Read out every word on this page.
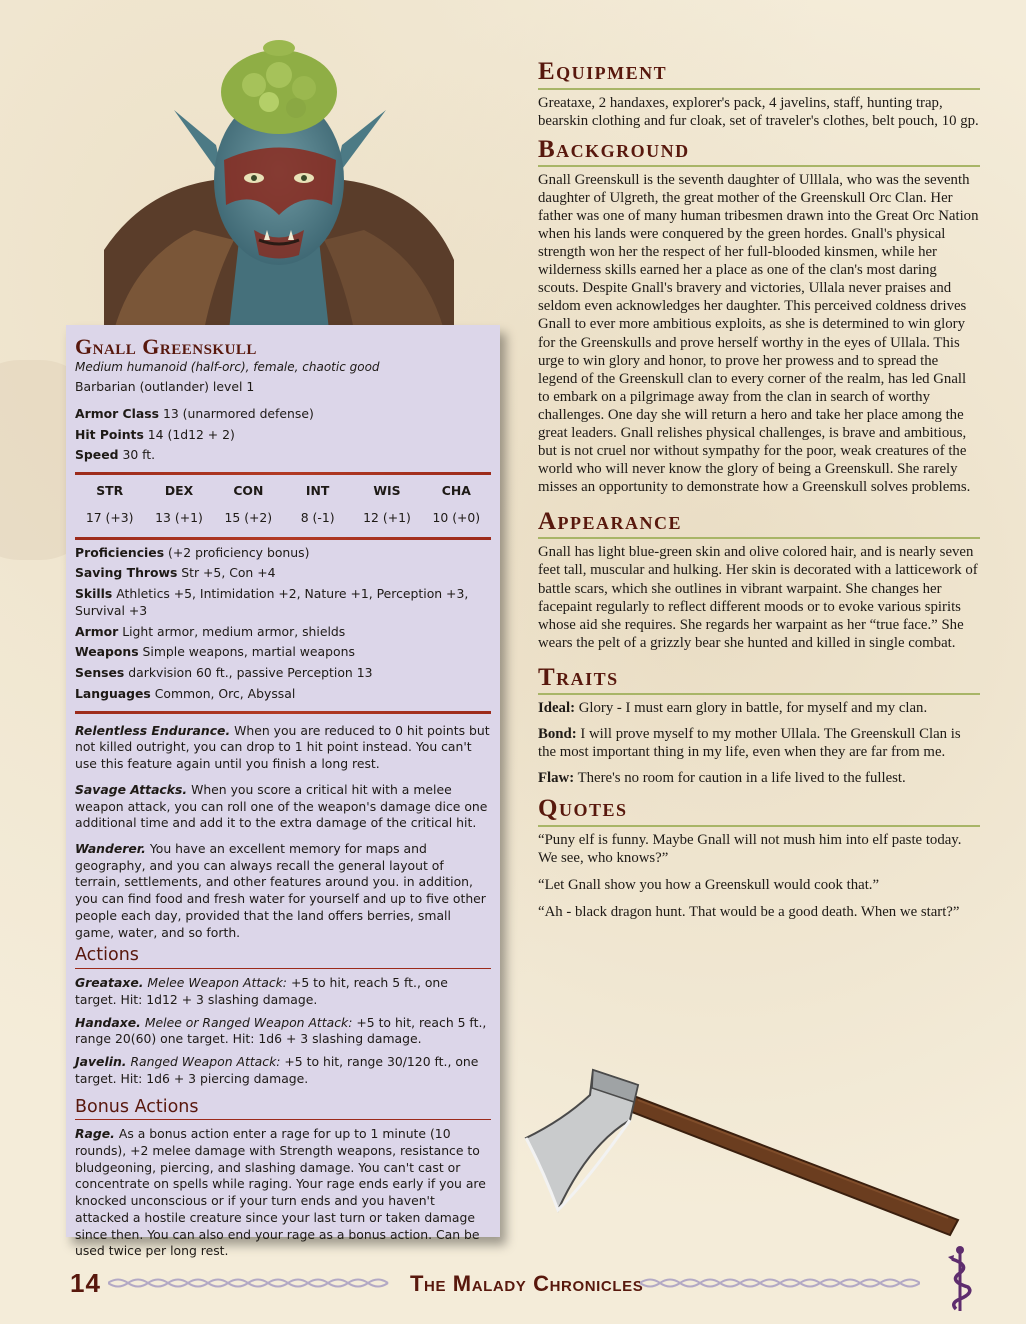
Gnall Greenskull
Medium humanoid (half-orc), female, chaotic good
Barbarian (outlander) level 1
Armor Class 13 (unarmored defense)
Hit Points 14 (1d12 + 2)
Speed 30 ft.
STR	DEX	CON	INT	WIS	CHA
17 (+3)	13 (+1)	15 (+2)	8 (-1)	12 (+1)	10 (+0)
Proficiencies (+2 proficiency bonus)
Saving Throws Str +5, Con +4
Skills Athletics +5, Intimidation +2, Nature +1, Perception +3, Survival +3
Armor Light armor, medium armor, shields
Weapons Simple weapons, martial weapons
Senses darkvision 60 ft., passive Perception 13
Languages Common, Orc, Abyssal
Relentless Endurance. When you are reduced to 0 hit points but not killed outright, you can drop to 1 hit point instead. You can't use this feature again until you finish a long rest.
Savage Attacks. When you score a critical hit with a melee weapon attack, you can roll one of the weapon's damage dice one additional time and add it to the extra damage of the critical hit.
Wanderer. You have an excellent memory for maps and geography, and you can always recall the general layout of terrain, settlements, and other features around you. in addition, you can find food and fresh water for yourself and up to five other people each day, provided that the land offers berries, small game, water, and so forth.
Actions
Greataxe. Melee Weapon Attack: +5 to hit, reach 5 ft., one target. Hit: 1d12 + 3 slashing damage.
Handaxe. Melee or Ranged Weapon Attack: +5 to hit, reach 5 ft., range 20(60) one target. Hit: 1d6 + 3 slashing damage.
Javelin. Ranged Weapon Attack: +5 to hit, range 30/120 ft., one target. Hit: 1d6 + 3 piercing damage.
Bonus Actions
Rage. As a bonus action enter a rage for up to 1 minute (10 rounds), +2 melee damage with Strength weapons, resistance to bludgeoning, piercing, and slashing damage. You can't cast or concentrate on spells while raging. Your rage ends early if you are knocked unconscious or if your turn ends and you haven't attacked a hostile creature since your last turn or taken damage since then. You can also end your rage as a bonus action. Can be used twice per long rest.
Equipment

Greataxe, 2 handaxes, explorer's pack, 4 javelins, staff, hunting trap, bearskin clothing and fur cloak, set of traveler's clothes, belt pouch, 10 gp.

Background

Gnall Greenskull is the seventh daughter of Ulllala, who was the seventh daughter of Ulgreth, the great mother of the Greenskull Orc Clan. Her father was one of many human tribesmen drawn into the Great Orc Nation when his lands were conquered by the green hordes. Gnall's physical strength won her the respect of her full-blooded kinsmen, while her wilderness skills earned her a place as one of the clan's most daring scouts. Despite Gnall's bravery and victories, Ullala never praises and seldom even acknowledges her daughter. This perceived coldness drives Gnall to ever more ambitious exploits, as she is determined to win glory for the Greenskulls and prove herself worthy in the eyes of Ullala. This urge to win glory and honor, to prove her prowess and to spread the legend of the Greenskull clan to every corner of the realm, has led Gnall to embark on a pilgrimage away from the clan in search of worthy challenges. One day she will return a hero and take her place among the great leaders. Gnall relishes physical challenges, is brave and ambitious, but is not cruel nor without sympathy for the poor, weak creatures of the world who will never know the glory of being a Greenskull. She rarely misses an opportunity to demonstrate how a Greenskull solves problems.

Appearance

Gnall has light blue-green skin and olive colored hair, and is nearly seven feet tall, muscular and hulking. Her skin is decorated with a latticework of battle scars, which she outlines in vibrant warpaint. She changes her facepaint regularly to reflect different moods or to evoke various spirits whose aid she requires. She regards her warpaint as her “true face.” She wears the pelt of a grizzly bear she hunted and killed in single combat.

Traits

Ideal: Glory - I must earn glory in battle, for myself and my clan.

Bond: I will prove myself to my mother Ullala. The Greenskull Clan is the most important thing in my life, even when they are far from me.

Flaw: There's no room for caution in a life lived to the fullest.

Quotes

“Puny elf is funny. Maybe Gnall will not mush him into elf paste today. We see, who knows?”

“Let Gnall show you how a Greenskull would cook that.”

“Ah - black dragon hunt. That would be a good death. When we start?”

14	The Malady Chronicles
